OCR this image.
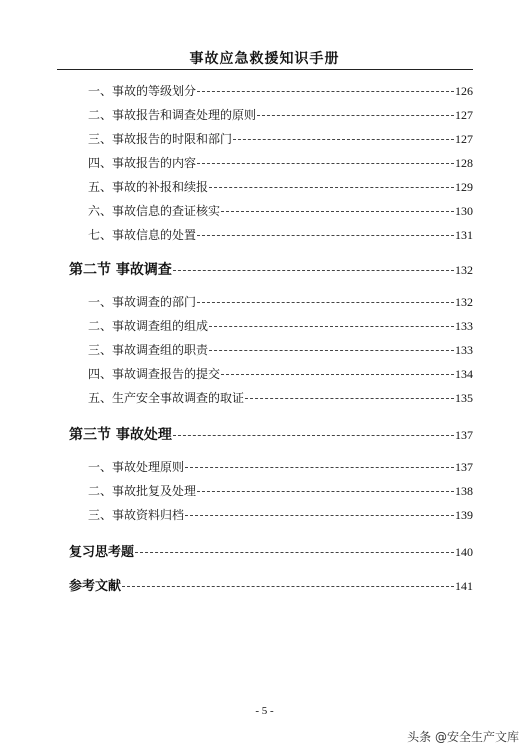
事故应急救援知识手册
一、事故的等级划分	126
二、事故报告和调查处理的原则	127
三、事故报告的时限和部门	127
四、事故报告的内容	128
五、事故的补报和续报	129
六、事故信息的查证核实	130
七、事故信息的处置	131
第二节 事故调查	132
一、事故调查的部门	132
二、事故调查组的组成	133
三、事故调查组的职责	133
四、事故调查报告的提交	134
五、生产安全事故调查的取证	135
第三节 事故处理	137
一、事故处理原则	137
二、事故批复及处理	138
三、事故资料归档	139
复习思考题	140
参考文献	141
- 5 -
头条 @安全生产文库
